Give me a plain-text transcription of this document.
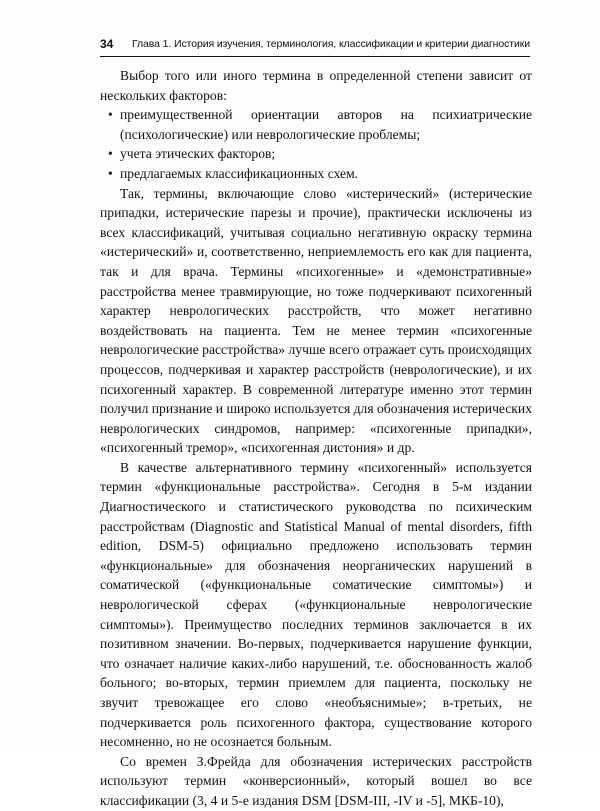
34 Глава 1. История изучения, терминология, классификации и критерии диагностики

Выбор того или иного термина в определенной степени зависит от нескольких факторов:

• преимущественной ориентации авторов на психиатрические (психологические) или неврологические проблемы;
• учета этических факторов;
• предлагаемых классификационных схем.

Так, термины, включающие слово «истерический» (истерические припадки, истерические парезы и прочие), практически исключены из всех классификаций, учитывая социально негативную окраску термина «истерический» и, соответственно, неприемлемость его как для пациента, так и для врача. Термины «психогенные» и «демонстративные» расстройства менее травмирующие, но тоже подчеркивают психогенный характер неврологических расстройств, что может негативно воздействовать на пациента. Тем не менее термин «психогенные неврологические расстройства» лучше всего отражает суть происходящих процессов, подчеркивая и характер расстройств (неврологические), и их психогенный характер. В современной литературе именно этот термин получил признание и широко используется для обозначения истерических неврологических синдромов, например: «психогенные припадки», «психогенный тремор», «психогенная дистония» и др.

В качестве альтернативного термину «психогенный» используется термин «функциональные расстройства». Сегодня в 5-м издании Диагностического и статистического руководства по психическим расстройствам (Diagnostic and Statistical Manual of mental disorders, fifth edition, DSM-5) официально предложено использовать термин «функциональные» для обозначения неорганических нарушений в соматической («функциональные соматические симптомы») и неврологической сферах («функциональные неврологические симптомы»). Преимущество последних терминов заключается в их позитивном значении. Во-первых, подчеркивается нарушение функции, что означает наличие каких-либо нарушений, т.е. обоснованность жалоб больного; во-вторых, термин приемлем для пациента, поскольку не звучит тревожащее его слово «необъяснимые»; в-третьих, не подчеркивается роль психогенного фактора, существование которого несомненно, но не осознается больным.

Со времен З.Фрейда для обозначения истерических расстройств используют термин «конверсионный», который вошел во все классификации (3, 4 и 5-е издания DSM [DSM-III, -IV и -5], МКБ-10),
